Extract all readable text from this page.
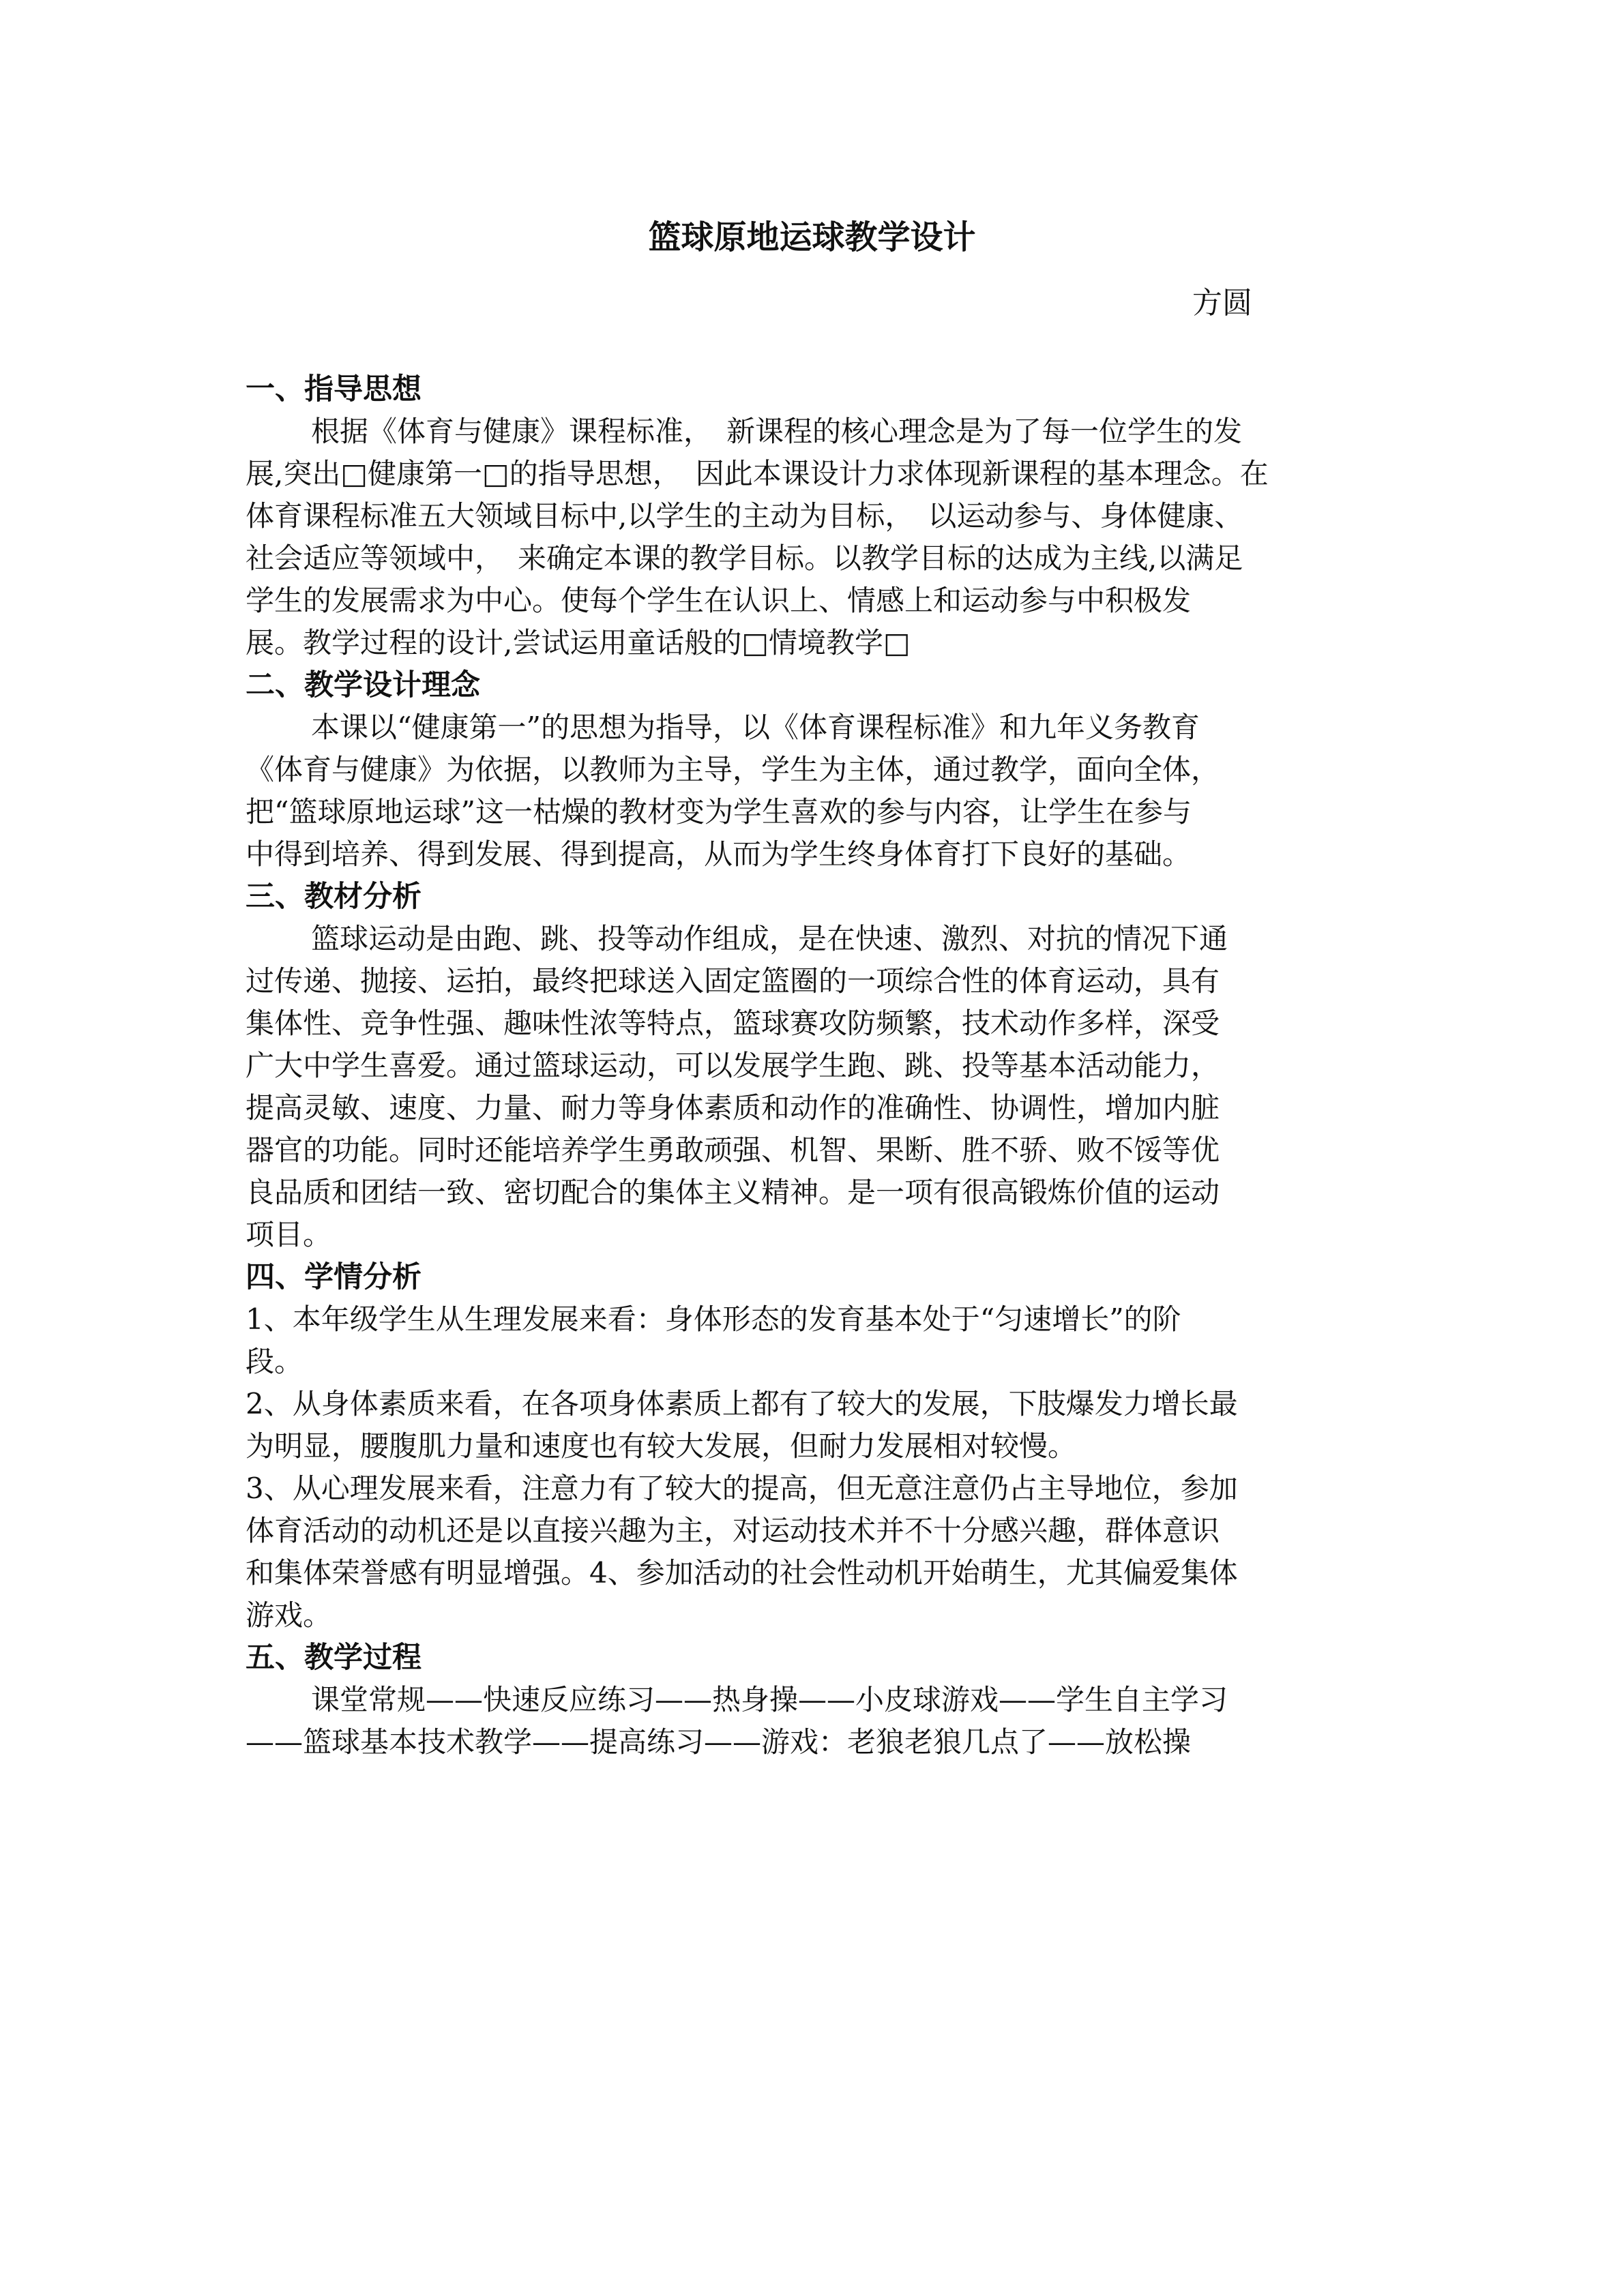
篮球原地运球教学设计

方圆

一、指导思想

根据《体育与健康》课程标准，　新课程的核心理念是为了每一位学生的发
展,突出□健康第一□的指导思想，　因此本课设计力求体现新课程的基本理念。在
体育课程标准五大领域目标中,以学生的主动为目标，　以运动参与、身体健康、
社会适应等领域中，　来确定本课的教学目标。以教学目标的达成为主线,以满足
学生的发展需求为中心。使每个学生在认识上、情感上和运动参与中积极发
展。教学过程的设计,尝试运用童话般的□情境教学□

二、教学设计理念

本课以“健康第一”的思想为指导，以《体育课程标准》和九年义务教育
《体育与健康》为依据，以教师为主导，学生为主体，通过教学，面向全体，
把“篮球原地运球”这一枯燥的教材变为学生喜欢的参与内容，让学生在参与
中得到培养、得到发展、得到提高，从而为学生终身体育打下良好的基础。

三、教材分析

篮球运动是由跑、跳、投等动作组成，是在快速、激烈、对抗的情况下通
过传递、抛接、运拍，最终把球送入固定篮圈的一项综合性的体育运动，具有
集体性、竞争性强、趣味性浓等特点，篮球赛攻防频繁，技术动作多样，深受
广大中学生喜爱。通过篮球运动，可以发展学生跑、跳、投等基本活动能力，
提高灵敏、速度、力量、耐力等身体素质和动作的准确性、协调性，增加内脏
器官的功能。同时还能培养学生勇敢顽强、机智、果断、胜不骄、败不馁等优
良品质和团结一致、密切配合的集体主义精神。是一项有很高锻炼价值的运动
项目。

四、学情分析

1、本年级学生从生理发展来看：身体形态的发育基本处于“匀速增长”的阶
段。

2、从身体素质来看，在各项身体素质上都有了较大的发展，下肢爆发力增长最
为明显，腰腹肌力量和速度也有较大发展，但耐力发展相对较慢。

3、从心理发展来看，注意力有了较大的提高，但无意注意仍占主导地位，参加
体育活动的动机还是以直接兴趣为主，对运动技术并不十分感兴趣，群体意识
和集体荣誉感有明显增强。4、参加活动的社会性动机开始萌生，尤其偏爱集体
游戏。

五、教学过程

课堂常规——快速反应练习——热身操——小皮球游戏——学生自主学习
——篮球基本技术教学——提高练习——游戏：老狼老狼几点了——放松操
